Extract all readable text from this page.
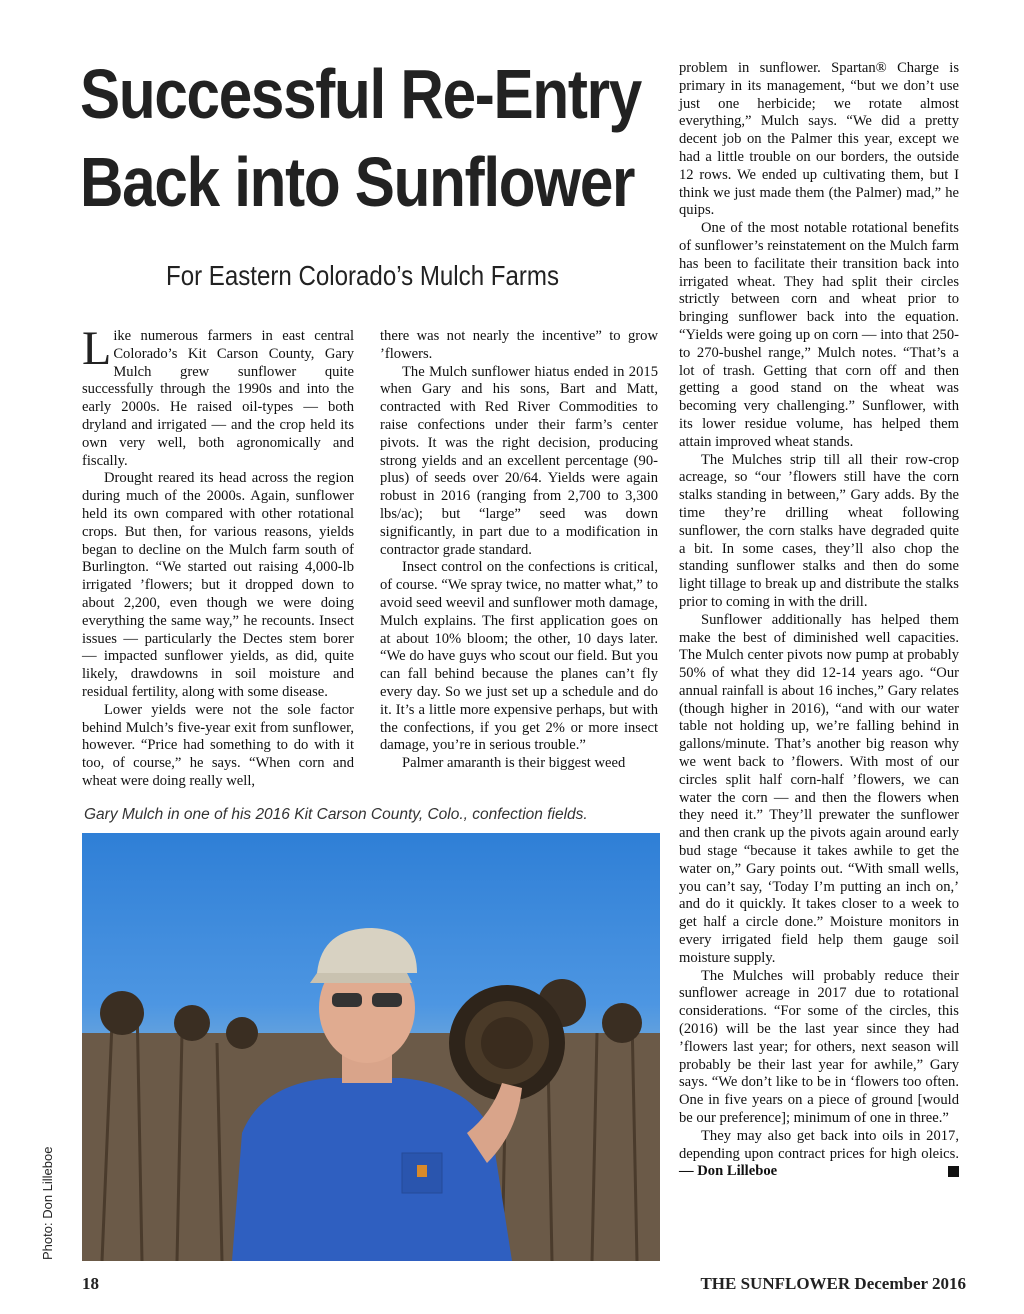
Successful Re-Entry
Back into Sunflower
For Eastern Colorado’s Mulch Farms

Like numerous farmers in east central Colorado’s Kit Carson County, Gary Mulch grew sunflower quite successfully through the 1990s and into the early 2000s. He raised oil-types — both dryland and irrigated — and the crop held its own very well, both agronomically and fiscally.

Drought reared its head across the region during much of the 2000s. Again, sunflower held its own compared with other rotational crops. But then, for various reasons, yields began to decline on the Mulch farm south of Burlington. “We started out raising 4,000-lb irrigated ’flowers; but it dropped down to about 2,200, even though we were doing everything the same way,” he recounts. Insect issues — particularly the Dectes stem borer — impacted sunflower yields, as did, quite likely, drawdowns in soil moisture and residual fertility, along with some disease.

Lower yields were not the sole factor behind Mulch’s five-year exit from sunflower, however. “Price had something to do with it too, of course,” he says. “When corn and wheat were doing really well,

there was not nearly the incentive” to grow ’flowers.

The Mulch sunflower hiatus ended in 2015 when Gary and his sons, Bart and Matt, contracted with Red River Commodities to raise confections under their farm’s center pivots. It was the right decision, producing strong yields and an excellent percentage (90-plus) of seeds over 20/64. Yields were again robust in 2016 (ranging from 2,700 to 3,300 lbs/ac); but “large” seed was down significantly, in part due to a modification in contractor grade standard.

Insect control on the confections is critical, of course. “We spray twice, no matter what,” to avoid seed weevil and sunflower moth damage, Mulch explains. The first application goes on at about 10% bloom; the other, 10 days later. “We do have guys who scout our field. But you can fall behind because the planes can’t fly every day. So we just set up a schedule and do it. It’s a little more expensive perhaps, but with the confections, if you get 2% or more insect damage, you’re in serious trouble.”

Palmer amaranth is their biggest weed

problem in sunflower. Spartan® Charge is primary in its management, “but we don’t use just one herbicide; we rotate almost everything,” Mulch says. “We did a pretty decent job on the Palmer this year, except we had a little trouble on our borders, the outside 12 rows. We ended up cultivating them, but I think we just made them (the Palmer) mad,” he quips.

One of the most notable rotational benefits of sunflower’s reinstatement on the Mulch farm has been to facilitate their transition back into irrigated wheat. They had split their circles strictly between corn and wheat prior to bringing sunflower back into the equation. “Yields were going up on corn — into that 250- to 270-bushel range,” Mulch notes. “That’s a lot of trash. Getting that corn off and then getting a good stand on the wheat was becoming very challenging.” Sunflower, with its lower residue volume, has helped them attain improved wheat stands.

The Mulches strip till all their row-crop acreage, so “our ’flowers still have the corn stalks standing in between,” Gary adds. By the time they’re drilling wheat following sunflower, the corn stalks have degraded quite a bit. In some cases, they’ll also chop the standing sunflower stalks and then do some light tillage to break up and distribute the stalks prior to coming in with the drill.

Sunflower additionally has helped them make the best of diminished well capacities. The Mulch center pivots now pump at probably 50% of what they did 12-14 years ago. “Our annual rainfall is about 16 inches,” Gary relates (though higher in 2016), “and with our water table not holding up, we’re falling behind in gallons/minute. That’s another big reason why we went back to ’flowers. With most of our circles split half corn-half ’flowers, we can water the corn — and then the flowers when they need it.” They’ll prewater the sunflower and then crank up the pivots again around early bud stage “because it takes awhile to get the water on,” Gary points out. “With small wells, you can’t say, ‘Today I’m putting an inch on,’ and do it quickly. It takes closer to a week to get half a circle done.” Moisture monitors in every irrigated field help them gauge soil moisture supply.

The Mulches will probably reduce their sunflower acreage in 2017 due to rotational considerations. “For some of the circles, this (2016) will be the last year since they had ’flowers last year; for others, next season will probably be their last year for awhile,” Gary says. “We don’t like to be in ‘flowers too often. One in five years on a piece of ground [would be our preference]; minimum of one in three.”

They may also get back into oils in 2017, depending upon contract prices for high oleics. — Don Lilleboe

Gary Mulch in one of his 2016 Kit Carson County, Colo., confection fields.
Photo: Don Lilleboe
18	THE SUNFLOWER December 2016
